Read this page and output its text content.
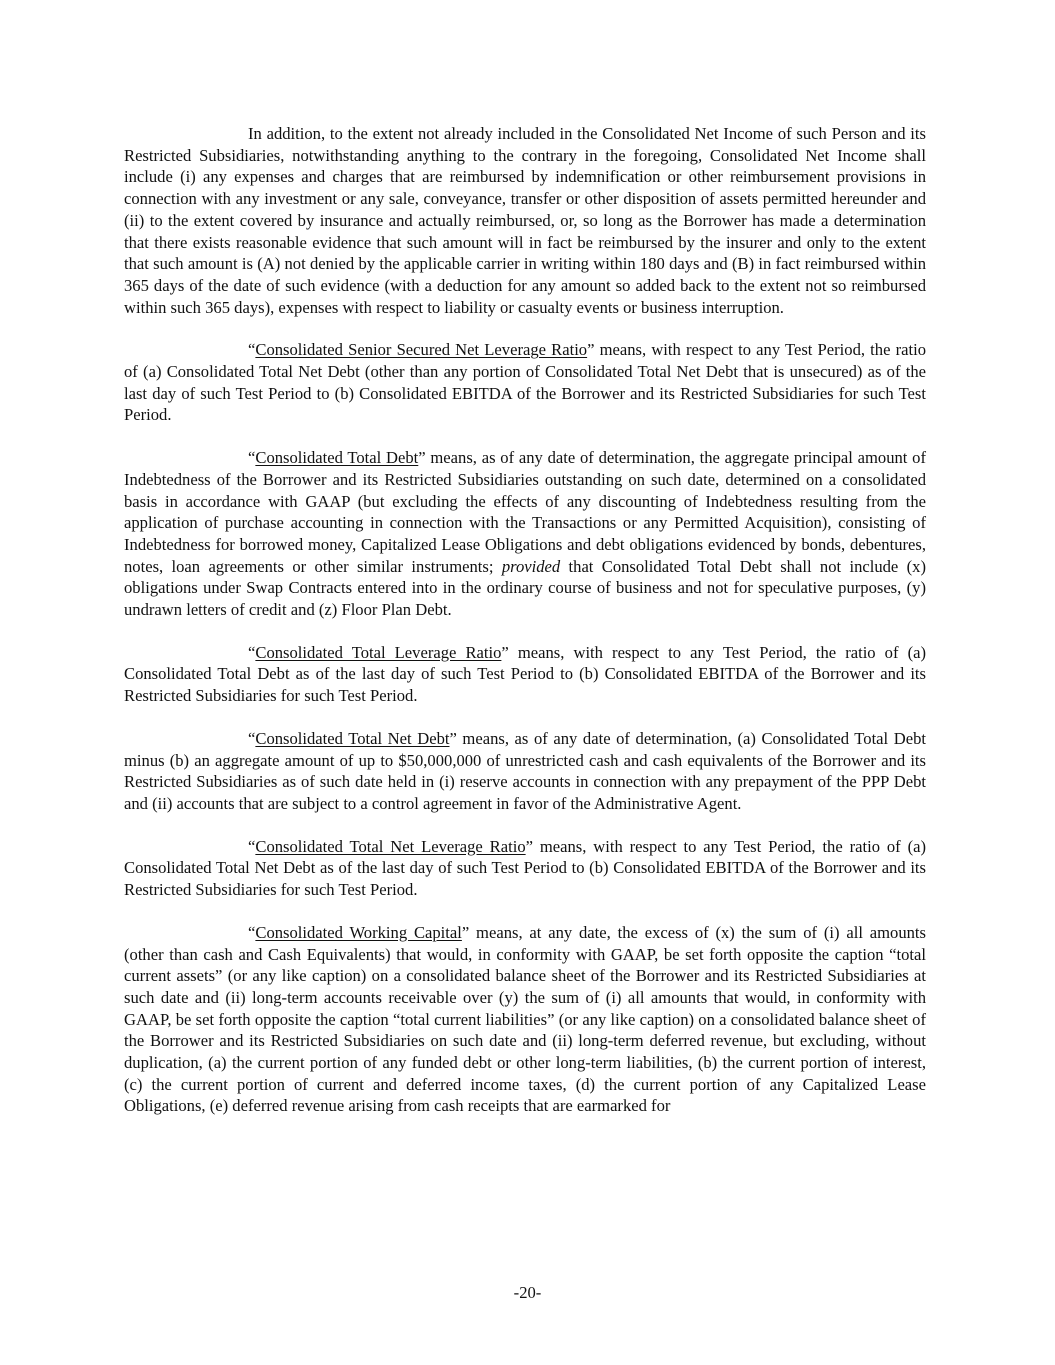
In addition, to the extent not already included in the Consolidated Net Income of such Person and its Restricted Subsidiaries, notwithstanding anything to the contrary in the foregoing, Consolidated Net Income shall include (i) any expenses and charges that are reimbursed by indemnification or other reimbursement provisions in connection with any investment or any sale, conveyance, transfer or other disposition of assets permitted hereunder and (ii) to the extent covered by insurance and actually reimbursed, or, so long as the Borrower has made a determination that there exists reasonable evidence that such amount will in fact be reimbursed by the insurer and only to the extent that such amount is (A) not denied by the applicable carrier in writing within 180 days and (B) in fact reimbursed within 365 days of the date of such evidence (with a deduction for any amount so added back to the extent not so reimbursed within such 365 days), expenses with respect to liability or casualty events or business interruption.

“Consolidated Senior Secured Net Leverage Ratio” means, with respect to any Test Period, the ratio of (a) Consolidated Total Net Debt (other than any portion of Consolidated Total Net Debt that is unsecured) as of the last day of such Test Period to (b) Consolidated EBITDA of the Borrower and its Restricted Subsidiaries for such Test Period.

“Consolidated Total Debt” means, as of any date of determination, the aggregate principal amount of Indebtedness of the Borrower and its Restricted Subsidiaries outstanding on such date, determined on a consolidated basis in accordance with GAAP (but excluding the effects of any discounting of Indebtedness resulting from the application of purchase accounting in connection with the Transactions or any Permitted Acquisition), consisting of Indebtedness for borrowed money, Capitalized Lease Obligations and debt obligations evidenced by bonds, debentures, notes, loan agreements or other similar instruments; provided that Consolidated Total Debt shall not include (x) obligations under Swap Contracts entered into in the ordinary course of business and not for speculative purposes, (y) undrawn letters of credit and (z) Floor Plan Debt.

“Consolidated Total Leverage Ratio” means, with respect to any Test Period, the ratio of (a) Consolidated Total Debt as of the last day of such Test Period to (b) Consolidated EBITDA of the Borrower and its Restricted Subsidiaries for such Test Period.

“Consolidated Total Net Debt” means, as of any date of determination, (a) Consolidated Total Debt minus (b) an aggregate amount of up to $50,000,000 of unrestricted cash and cash equivalents of the Borrower and its Restricted Subsidiaries as of such date held in (i) reserve accounts in connection with any prepayment of the PPP Debt and (ii) accounts that are subject to a control agreement in favor of the Administrative Agent.

“Consolidated Total Net Leverage Ratio” means, with respect to any Test Period, the ratio of (a) Consolidated Total Net Debt as of the last day of such Test Period to (b) Consolidated EBITDA of the Borrower and its Restricted Subsidiaries for such Test Period.

“Consolidated Working Capital” means, at any date, the excess of (x) the sum of (i) all amounts (other than cash and Cash Equivalents) that would, in conformity with GAAP, be set forth opposite the caption “total current assets” (or any like caption) on a consolidated balance sheet of the Borrower and its Restricted Subsidiaries at such date and (ii) long-term accounts receivable over (y) the sum of (i) all amounts that would, in conformity with GAAP, be set forth opposite the caption “total current liabilities” (or any like caption) on a consolidated balance sheet of the Borrower and its Restricted Subsidiaries on such date and (ii) long-term deferred revenue, but excluding, without duplication, (a) the current portion of any funded debt or other long-term liabilities, (b) the current portion of interest, (c) the current portion of current and deferred income taxes, (d) the current portion of any Capitalized Lease Obligations, (e) deferred revenue arising from cash receipts that are earmarked for

-20-
